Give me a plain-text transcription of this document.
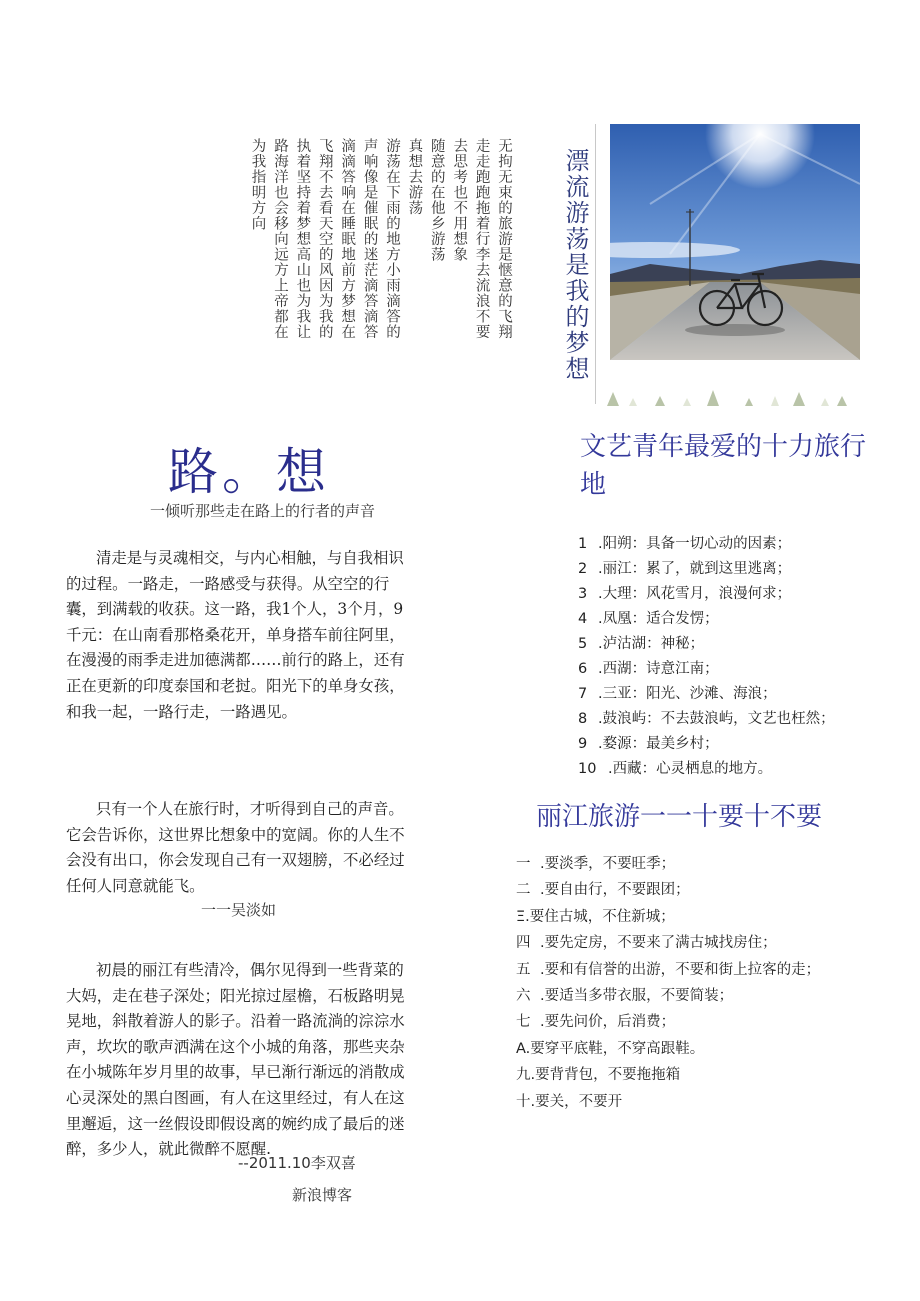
无拘无束的旅游是惬意的飞翔
走走跑跑拖着行李去流浪不要
去思考也不用想象
随意的在他乡游荡
真想去游荡
游荡在下雨的地方小雨滴答的
声响像是催眠的迷茫滴答滴答
滴滴答响在睡眠地前方梦想在
飞翔不去看天空的风因为我的
执着坚持着梦想高山也为我让
路海洋也会移向远方上帝都在
为我指明方向	漂流游荡是我的梦想
路。想
一倾听那些走在路上的行者的声音
清走是与灵魂相交，与内心相触，与自我相识的过程。一路走，一路感受与获得。从空空的行囊，到满载的收获。这一路，我1个人，3个月，9千元：在山南看那格桑花开，单身搭车前往阿里，在漫漫的雨季走进加德满都……前行的路上，还有正在更新的印度泰国和老挝。阳光下的单身女孩，和我一起，一路行走，一路遇见。
只有一个人在旅行时，才听得到自己的声音。它会告诉你，这世界比想象中的宽阔。你的人生不会没有出口，你会发现自己有一双翅膀，不必经过任何人同意就能飞。
一一吴淡如
初晨的丽江有些清冷，偶尔见得到一些背菜的大妈，走在巷子深处；阳光掠过屋檐，石板路明晃晃地，斜散着游人的影子。沿着一路流淌的淙淙水声，坎坎的歌声洒满在这个小城的角落，那些夹杂在小城陈年岁月里的故事，早已渐行渐远的消散成心灵深处的黑白图画，有人在这里经过，有人在这里邂逅，这一丝假设即假设离的婉约成了最后的迷醉，多少人，就此微醉不愿醒.
--2011.10李双喜
新浪博客
文艺青年最爱的十力旅行地
1 .阳朔：具备一切心动的因素；
2 .丽江：累了，就到这里逃离；
3 .大理：风花雪月，浪漫何求；
4 .凤凰：适合发愣；
5 .泸沽湖：神秘；
6 .西湖：诗意江南；
7 .三亚：阳光、沙滩、海浪；
8 .鼓浪屿：不去鼓浪屿，文艺也枉然；
9 .婺源：最美乡村；
10 .西藏：心灵栖息的地方。
丽江旅游一一十要十不要
一 .要淡季，不要旺季；
二 .要自由行，不要跟团；
Ξ.要住古城，不住新城；
四 .要先定房，不要来了满古城找房住；
五 .要和有信誉的出游，不要和街上拉客的走；
六 .要适当多带衣服，不要简装；
七 .要先问价，后消费；
A.要穿平底鞋，不穿高跟鞋。
九.要背背包，不要拖拖箱
十.要关，不要开
